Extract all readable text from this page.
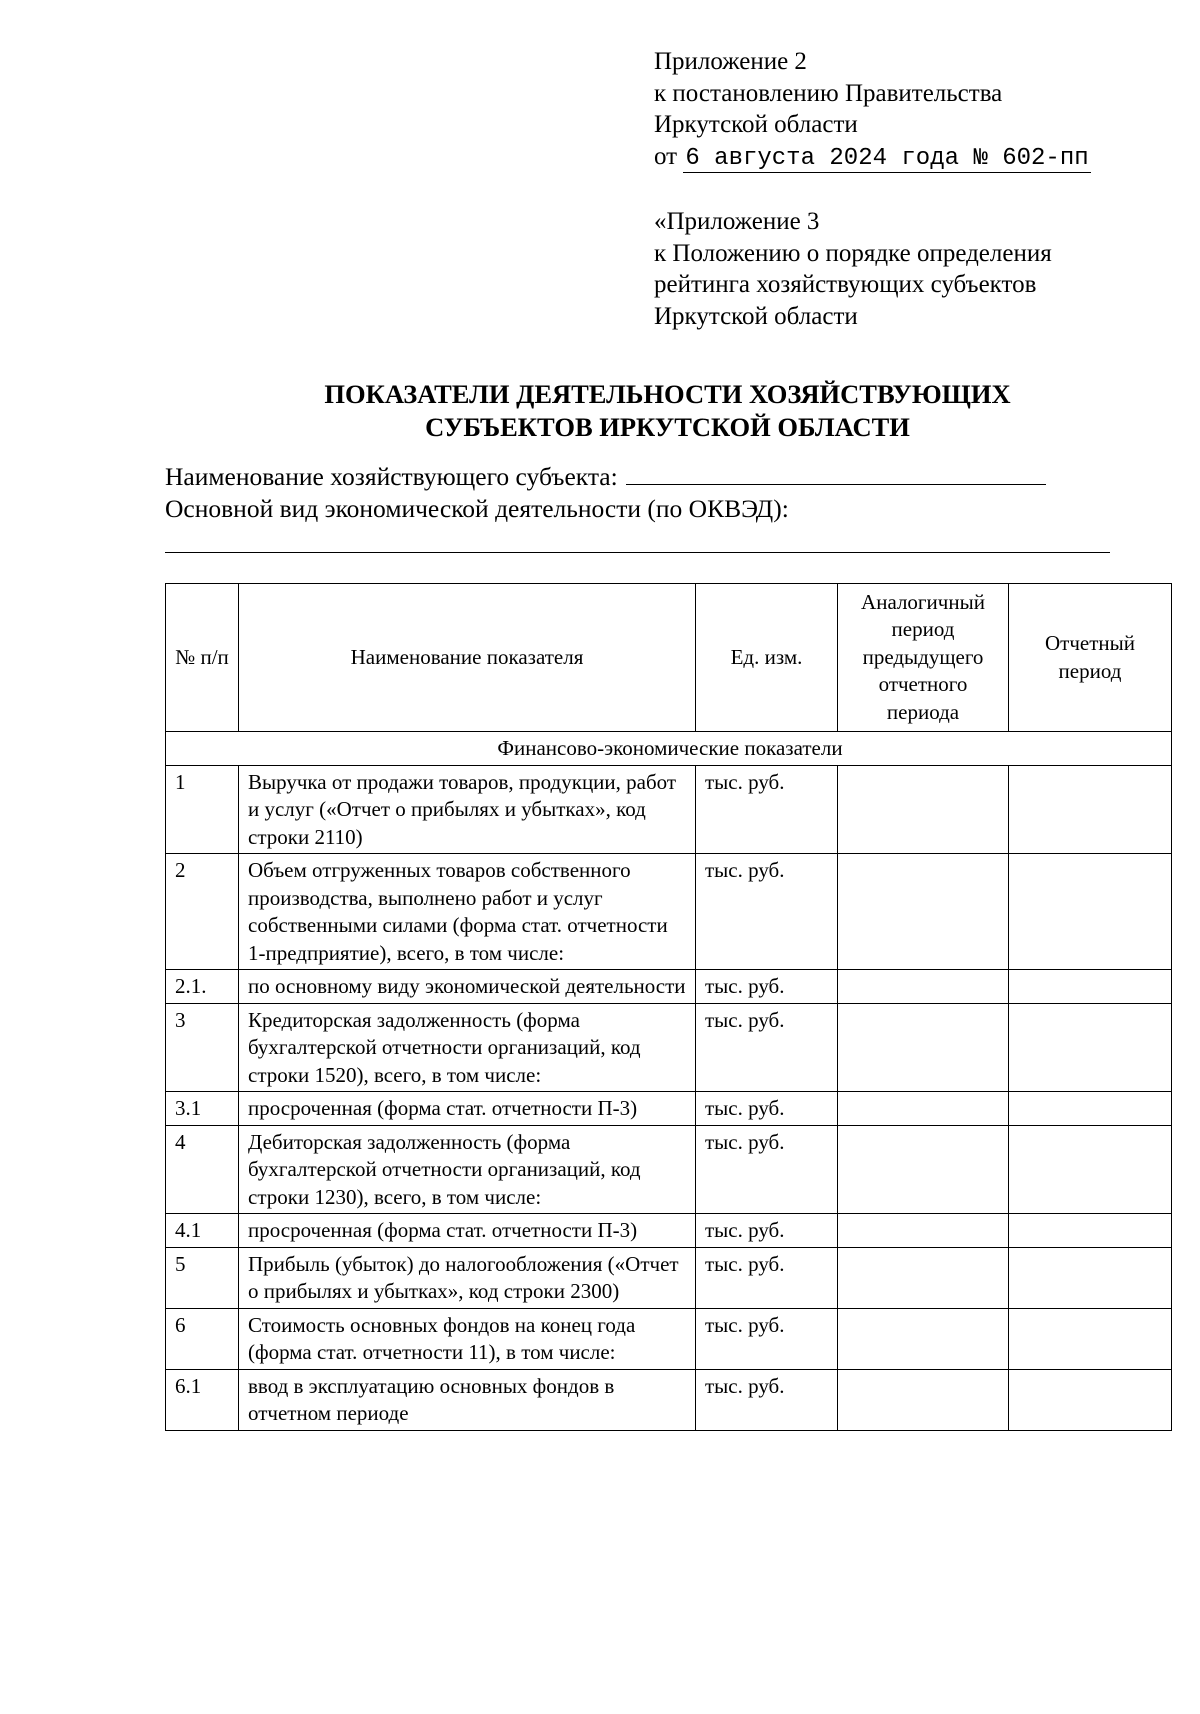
Приложение 2
к постановлению Правительства
Иркутской области
от 6 августа 2024 года № 602-пп
«Приложение 3
к Положению о порядке определения
рейтинга хозяйствующих субъектов
Иркутской области
ПОКАЗАТЕЛИ ДЕЯТЕЛЬНОСТИ ХОЗЯЙСТВУЮЩИХ
СУБЪЕКТОВ ИРКУТСКОЙ ОБЛАСТИ
Наименование хозяйствующего субъекта:
Основной вид экономической деятельности (по ОКВЭД):
№ п/п	Наименование показателя	Ед. изм.	Аналогичный период предыдущего отчетного периода	Отчетный период
Финансово-экономические показатели				
1	Выручка от продажи товаров, продукции, работ и услуг («Отчет о прибылях и убытках», код строки 2110)	тыс. руб.		
2	Объем отгруженных товаров собственного производства, выполнено работ и услуг собственными силами (форма стат. отчетности 1-предприятие), всего, в том числе:	тыс. руб.		
2.1.	по основному виду экономической деятельности	тыс. руб.		
3	Кредиторская задолженность (форма бухгалтерской отчетности организаций, код строки 1520), всего, в том числе:	тыс. руб.		
3.1	просроченная (форма стат. отчетности П-3)	тыс. руб.		
4	Дебиторская задолженность (форма бухгалтерской отчетности организаций, код строки 1230), всего, в том числе:	тыс. руб.		
4.1	просроченная (форма стат. отчетности П-3)	тыс. руб.		
5	Прибыль (убыток) до налогообложения («Отчет о прибылях и убытках», код строки 2300)	тыс. руб.		
6	Стоимость основных фондов на конец года (форма стат. отчетности 11), в том числе:	тыс. руб.		
6.1	ввод в эксплуатацию основных фондов в отчетном периоде	тыс. руб.		
